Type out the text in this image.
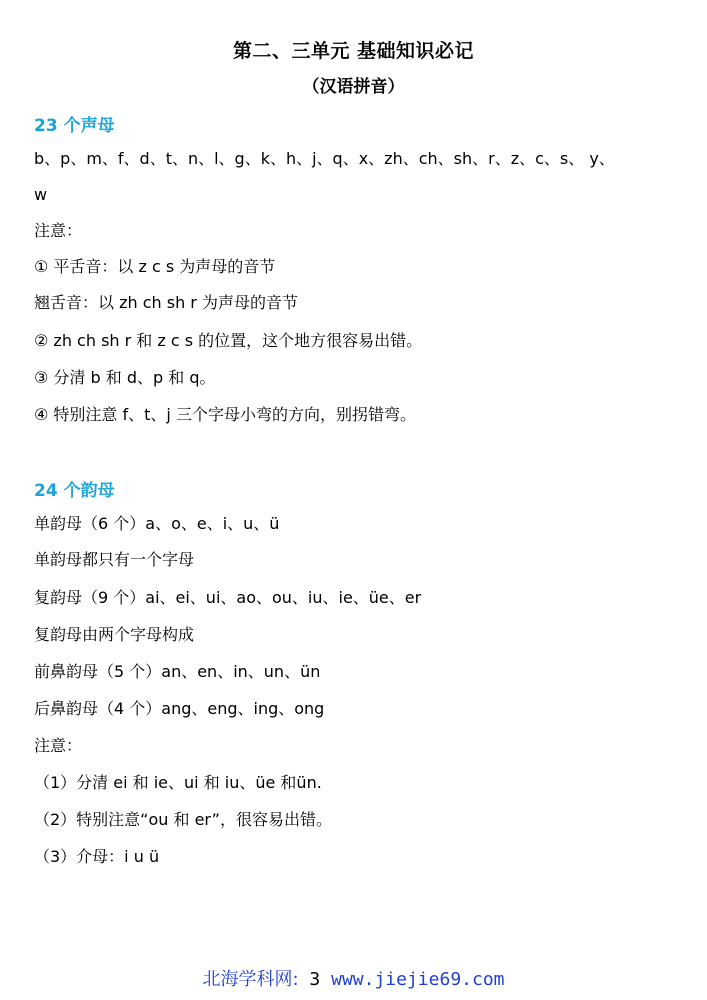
第二、三单元 基础知识必记
（汉语拼音）
23 个声母
b、p、m、f、d、t、n、l、g、k、h、j、q、x、zh、ch、sh、r、z、c、s、 y、
w
注意：
① 平舌音：以 z c s 为声母的音节
翘舌音：以 zh ch sh r 为声母的音节
② zh ch sh r 和 z c s 的位置，这个地方很容易出错。
③ 分清 b 和 d、p 和 q。
④ 特别注意 f、t、j 三个字母小弯的方向，别拐错弯。
24 个韵母
单韵母（6 个）a、o、e、i、u、ü
单韵母都只有一个字母
复韵母（9 个）ai、ei、ui、ao、ou、iu、ie、üe、er
复韵母由两个字母构成
前鼻韵母（5 个）an、en、in、un、ün
后鼻韵母（4 个）ang、eng、ing、ong
注意：
（1）分清 ei 和 ie、ui 和 iu、üe 和ün.
（2）特别注意“ou 和 er”，很容易出错。
（3）介母：i u ü
北海学科网: 3 www.jiejie69.com
